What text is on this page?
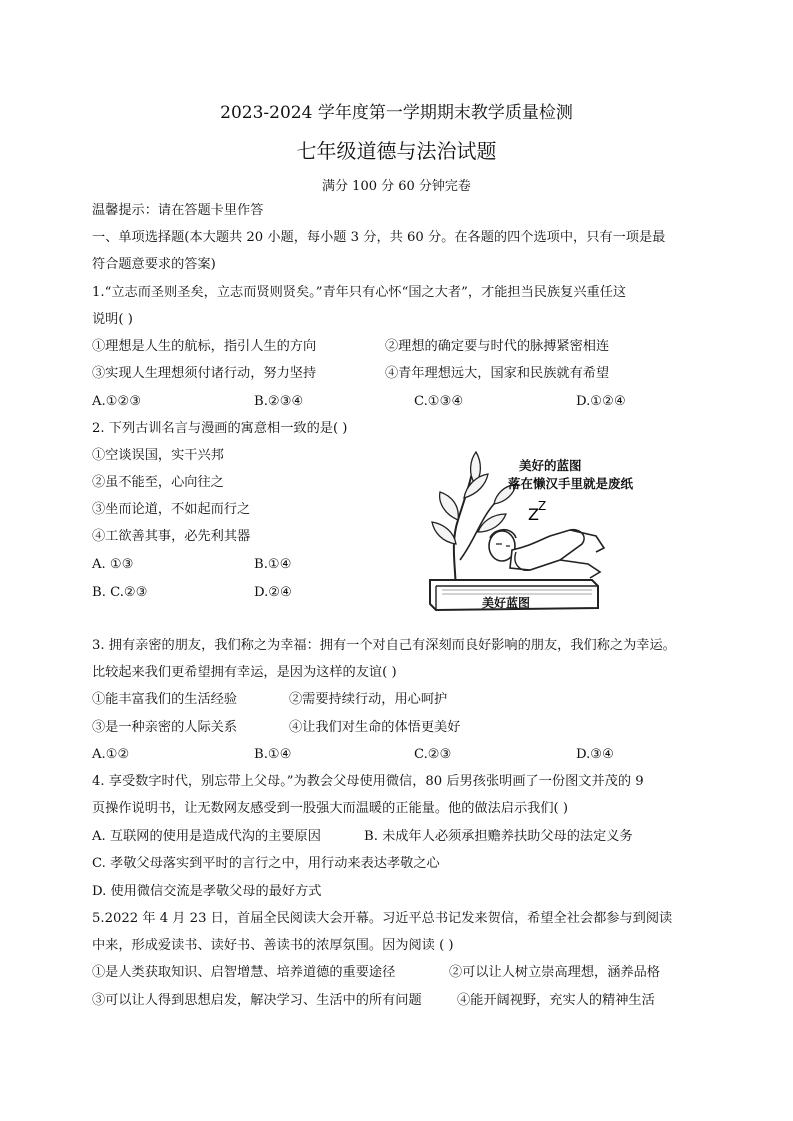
2023-2024 学年度第一学期期末教学质量检测
七年级道德与法治试题
满分 100 分 60 分钟完卷
温馨提示：请在答题卡里作答
一、单项选择题(本大题共 20 小题，每小题 3 分，共 60 分。在各题的四个选项中，只有一项是最
符合题意要求的答案)
1.“立志而圣则圣矣，立志而贤则贤矣。”青年只有心怀“国之大者”，才能担当民族复兴重任这
说明( )
①理想是人生的航标，指引人生的方向	②理想的确定要与时代的脉搏紧密相连
③实现人生理想须付诸行动，努力坚持	④青年理想远大，国家和民族就有希望
A.①②③	B.②③④	C.①③④	D.①②④
2. 下列古训名言与漫画的寓意相一致的是( )
①空谈误国，实干兴邦
②虽不能至，心向往之
③坐而论道，不如起而行之
④工欲善其事，必先利其器
A. ①③	B.①④
B. C.②③	D.②④
Z Z
美好的蓝图
落在懒汉手里就是废纸
美好蓝图
3. 拥有亲密的朋友，我们称之为幸福：拥有一个对自己有深刻而良好影响的朋友，我们称之为幸运。
比较起来我们更希望拥有幸运，是因为这样的友谊( )
①能丰富我们的生活经验	②需要持续行动，用心呵护
③是一种亲密的人际关系	④让我们对生命的体悟更美好
A.①②	B.①④	C.②③	D.③④
4. 享受数字时代，别忘带上父母。”为教会父母使用微信，80 后男孩张明画了一份图文并茂的 9
页操作说明书，让无数网友感受到一股强大而温暖的正能量。他的做法启示我们( )
A. 互联网的使用是造成代沟的主要原因	B. 未成年人必须承担赡养扶助父母的法定义务
C. 孝敬父母落实到平时的言行之中，用行动来表达孝敬之心
D. 使用微信交流是孝敬父母的最好方式
5.2022 年 4 月 23 日，首届全民阅读大会开幕。习近平总书记发来贺信，希望全社会都参与到阅读
中来，形成爱读书、读好书、善读书的浓厚氛围。因为阅读 ( )
①是人类获取知识、启智增慧、培养道德的重要途径	②可以让人树立崇高理想，涵养品格
③可以让人得到思想启发，解决学习、生活中的所有问题	④能开阔视野，充实人的精神生活
